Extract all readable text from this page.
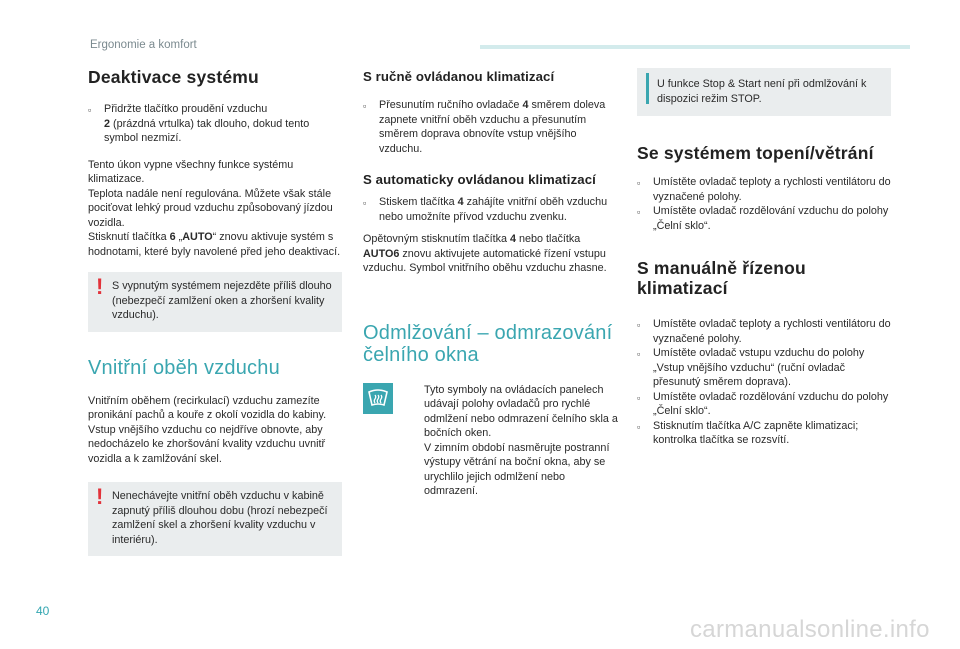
Ergonomie a komfort
Deaktivace systému
▫	Přidržte tlačítko proudění vzduchu
2 (prázdná vrtulka) tak dlouho, dokud tento symbol nezmizí.

Tento úkon vypne všechny funkce systému klimatizace.

Teplota nadále není regulována. Můžete však stále pociťovat lehký proud vzduchu způsobovaný jízdou vozidla.

Stisknutí tlačítka 6 „AUTO“ znovu aktivuje systém s hodnotami, které byly navolené před jeho deaktivací.

! S vypnutým systémem nejezděte příliš dlouho (nebezpečí zamlžení oken a zhoršení kvality vzduchu).

Vnitřní oběh vzduchu

Vnitřním oběhem (recirkulací) vzduchu zamezíte pronikání pachů a kouře z okolí vozidla do kabiny.

Vstup vnějšího vzduchu co nejdříve obnovte, aby nedocházelo ke zhoršování kvality vzduchu uvnitř vozidla a k zamlžování skel.

! Nenechávejte vnitřní oběh vzduchu v kabině zapnutý příliš dlouhou dobu (hrozí nebezpečí zamlžení skel a zhoršení kvality vzduchu v interiéru).

S ručně ovládanou klimatizací
▫	Přesunutím ručního ovladače 4 směrem doleva zapnete vnitřní oběh vzduchu a přesunutím směrem doprava obnovíte vstup vnějšího vzduchu.
S automaticky ovládanou klimatizací
▫	Stiskem tlačítka 4 zahájíte vnitřní oběh vzduchu nebo umožníte přívod vzduchu zvenku.

Opětovným stisknutím tlačítka 4 nebo tlačítka AUTO6 znovu aktivujete automatické řízení vstupu vzduchu. Symbol vnitřního oběhu vzduchu zhasne.

Odmlžování – odmrazování čelního okna

Tyto symboly na ovládacích panelech udávají polohy ovladačů pro rychlé odmlžení nebo odmrazení čelního skla a bočních oken.

V zimním období nasměrujte postranní výstupy větrání na boční okna, aby se urychlilo jejich odmlžení nebo odmrazení.

U funkce Stop & Start není při odmlžování k dispozici režim STOP.

Se systémem topení/větrání
▫	Umístěte ovladač teploty a rychlosti ventilátoru do vyznačené polohy.
▫	Umístěte ovladač rozdělování vzduchu do polohy „Čelní sklo“.
S manuálně řízenou klimatizací
▫	Umístěte ovladač teploty a rychlosti ventilátoru do vyznačené polohy.
▫	Umístěte ovladač vstupu vzduchu do polohy „Vstup vnějšího vzduchu“ (ruční ovladač přesunutý směrem doprava).
▫	Umístěte ovladač rozdělování vzduchu do polohy „Čelní sklo“.
▫	Stisknutím tlačítka A/C zapněte klimatizaci; kontrolka tlačítka se rozsvítí.
40
carmanualsonline.info
